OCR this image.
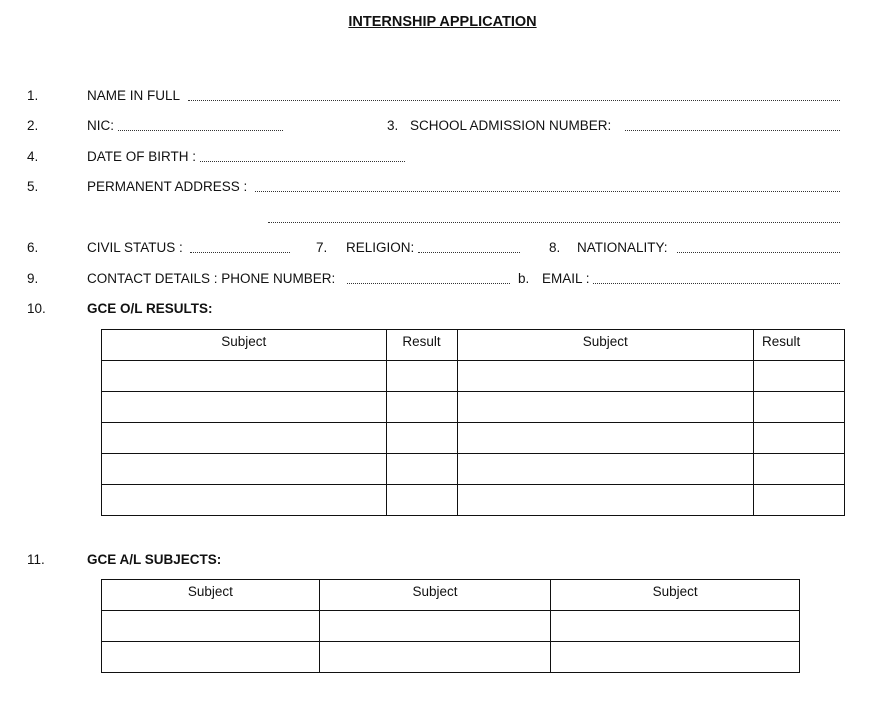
INTERNSHIP APPLICATION
1.	NAME IN FULL
2.	NIC:	3. SCHOOL ADMISSION NUMBER:
4.	DATE OF BIRTH :
5.	PERMANENT ADDRESS :
6.	CIVIL STATUS :	7. RELIGION:	8. NATIONALITY:
9.	CONTACT DETAILS : PHONE NUMBER:	b. EMAIL :
10.	GCE O/L RESULTS:
Subject	Result	Subject	Result

11.	GCE A/L SUBJECTS:
Subject	Subject	Subject
